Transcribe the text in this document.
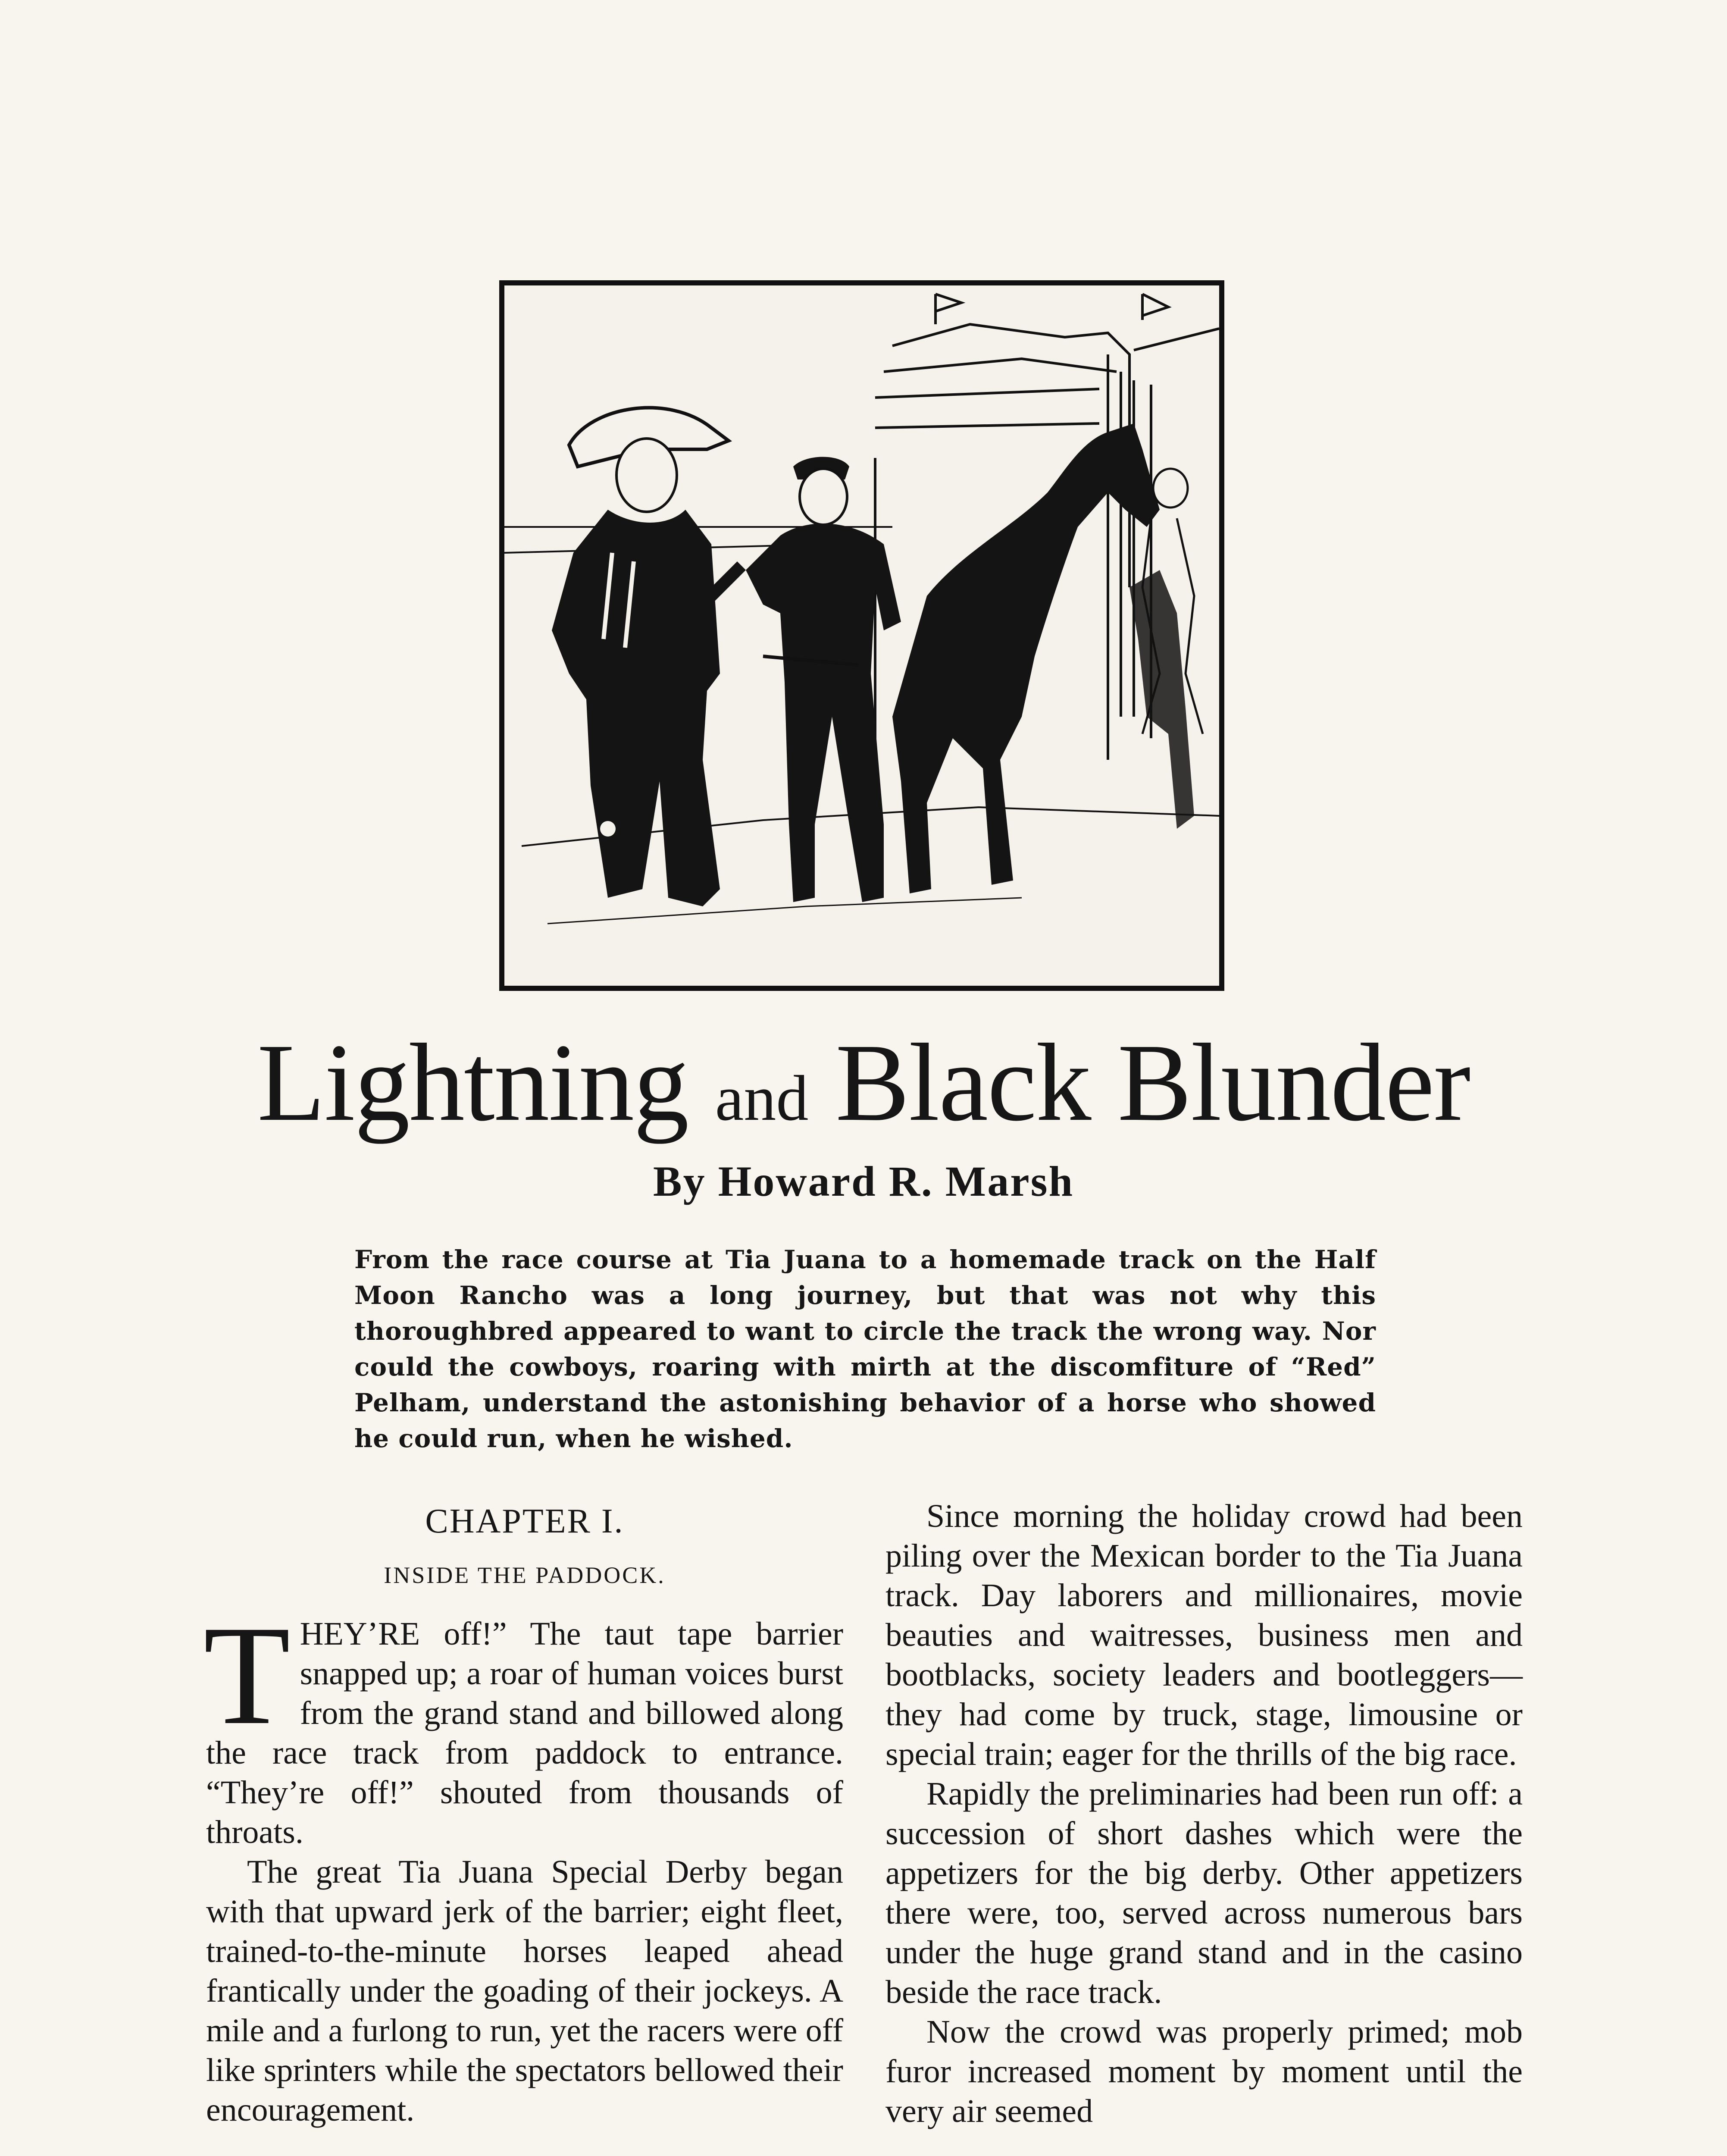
Lightning and Black Blunder
By Howard R. Marsh

From the race course at Tia Juana to a homemade track on the Half Moon Rancho was a long journey, but that was not why this thoroughbred appeared to want to circle the track the wrong way. Nor could the cowboys, roaring with mirth at the discomfiture of “Red” Pelham, understand the astonishing behavior of a horse who showed he could run, when he wished.

CHAPTER I.
INSIDE THE PADDOCK.

T HEY’RE off!” The taut tape barrier snapped up; a roar of human voices burst from the grand stand and billowed along the race track from paddock to entrance. “They’re off!” shouted from thousands of throats.

The great Tia Juana Special Derby began with that upward jerk of the barrier; eight fleet, trained-to-the-minute horses leaped ahead frantically under the goading of their jockeys. A mile and a furlong to run, yet the racers were off like sprinters while the spectators bellowed their encouragement.

Since morning the holiday crowd had been piling over the Mexican border to the Tia Juana track. Day laborers and millionaires, movie beauties and waitresses, business men and bootblacks, society leaders and bootleggers—they had come by truck, stage, limousine or special train; eager for the thrills of the big race.

Rapidly the preliminaries had been run off: a succession of short dashes which were the appetizers for the big derby. Other appetizers there were, too, served across numerous bars under the huge grand stand and in the casino beside the race track.

Now the crowd was properly primed; mob furor increased moment by moment until the very air seemed
